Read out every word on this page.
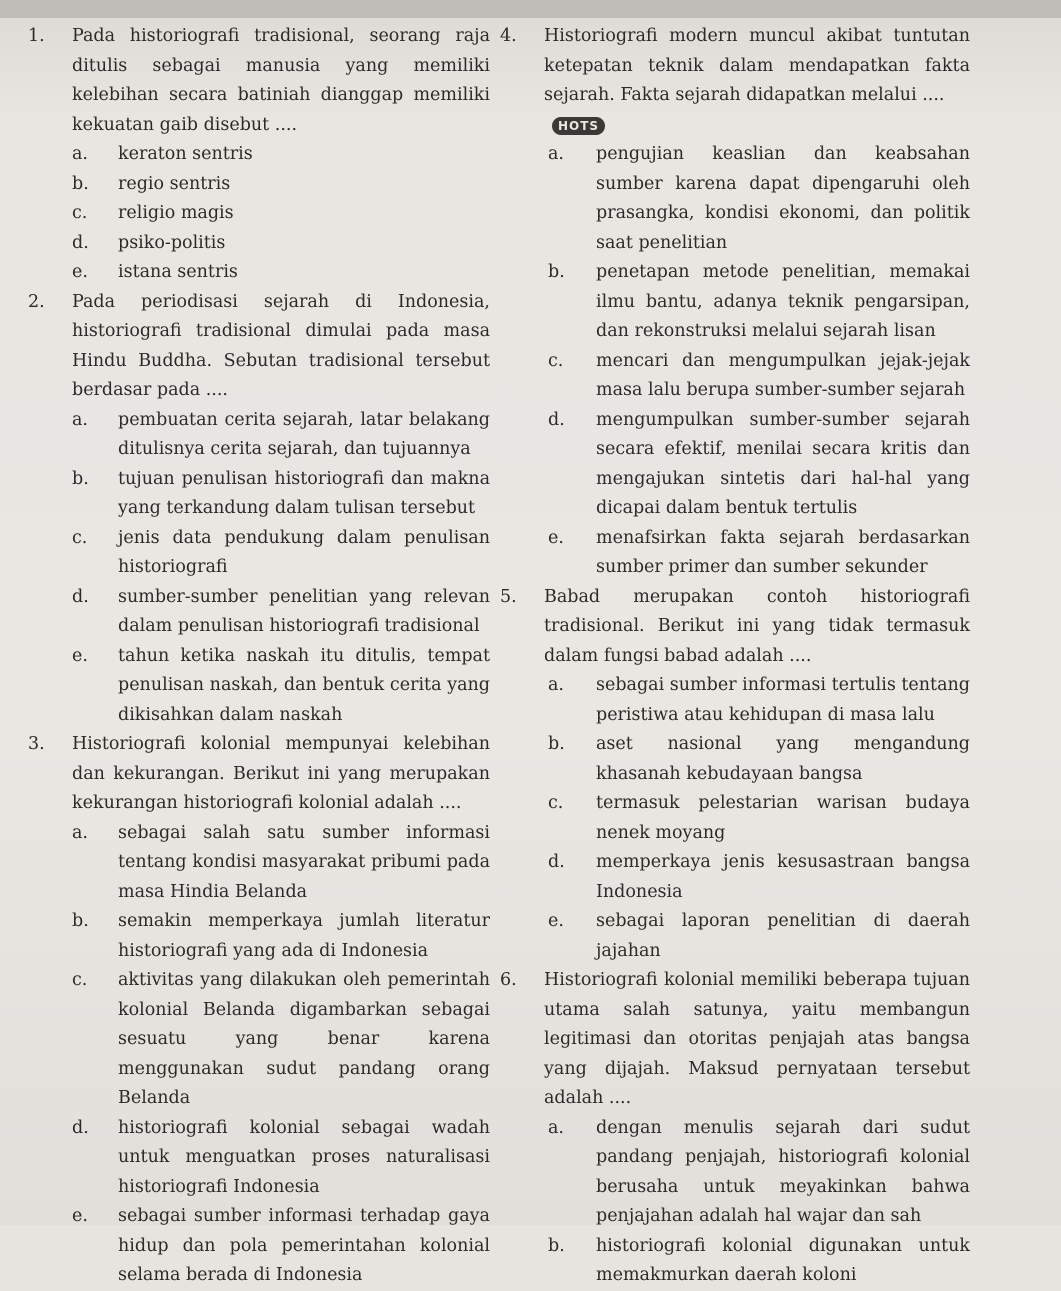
1.	Pada historiografi tradisional, seorang raja ditulis sebagai manusia yang memiliki kelebihan secara batiniah dianggap memiliki kekuatan gaib disebut ....
a.	keraton sentris
b.	regio sentris
c.	religio magis
d.	psiko-politis
e.	istana sentris
2.	Pada periodisasi sejarah di Indonesia, historiografi tradisional dimulai pada masa Hindu Buddha. Sebutan tradisional tersebut berdasar pada ....
a.	pembuatan cerita sejarah, latar belakang ditulisnya cerita sejarah, dan tujuannya
b.	tujuan penulisan historiografi dan makna yang terkandung dalam tulisan tersebut
c.	jenis data pendukung dalam penulisan historiografi
d.	sumber-sumber penelitian yang relevan dalam penulisan historiografi tradisional
e.	tahun ketika naskah itu ditulis, tempat penulisan naskah, dan bentuk cerita yang dikisahkan dalam naskah
3.	Historiografi kolonial mempunyai kelebihan dan kekurangan. Berikut ini yang merupakan kekurangan historiografi kolonial adalah ....
a.	sebagai salah satu sumber informasi tentang kondisi masyarakat pribumi pada masa Hindia Belanda
b.	semakin memperkaya jumlah literatur historiografi yang ada di Indonesia
c.	aktivitas yang dilakukan oleh pemerintah kolonial Belanda digambarkan sebagai sesuatu yang benar karena menggunakan sudut pandang orang Belanda
d.	historiografi kolonial sebagai wadah untuk menguatkan proses naturalisasi historiografi Indonesia
e.	sebagai sumber informasi terhadap gaya hidup dan pola pemerintahan kolonial selama berada di Indonesia
4.	Historiografi modern muncul akibat tuntutan ketepatan teknik dalam mendapatkan fakta sejarah. Fakta sejarah didapatkan melalui ....
HOTS
a.	pengujian keaslian dan keabsahan sumber karena dapat dipengaruhi oleh prasangka, kondisi ekonomi, dan politik saat penelitian
b.	penetapan metode penelitian, memakai ilmu bantu, adanya teknik pengarsipan, dan rekonstruksi melalui sejarah lisan
c.	mencari dan mengumpulkan jejak-jejak masa lalu berupa sumber-sumber sejarah
d.	mengumpulkan sumber-sumber sejarah secara efektif, menilai secara kritis dan mengajukan sintetis dari hal-hal yang dicapai dalam bentuk tertulis
e.	menafsirkan fakta sejarah berdasarkan sumber primer dan sumber sekunder
5.	Babad merupakan contoh historiografi tradisional. Berikut ini yang tidak termasuk dalam fungsi babad adalah ....
a.	sebagai sumber informasi tertulis tentang peristiwa atau kehidupan di masa lalu
b.	aset nasional yang mengandung khasanah kebudayaan bangsa
c.	termasuk pelestarian warisan budaya nenek moyang
d.	memperkaya jenis kesusastraan bangsa Indonesia
e.	sebagai laporan penelitian di daerah jajahan
6.	Historiografi kolonial memiliki beberapa tujuan utama salah satunya, yaitu membangun legitimasi dan otoritas penjajah atas bangsa yang dijajah. Maksud pernyataan tersebut adalah ....
a.	dengan menulis sejarah dari sudut pandang penjajah, historiografi kolonial berusaha untuk meyakinkan bahwa penjajahan adalah hal wajar dan sah
b.	historiografi kolonial digunakan untuk memakmurkan daerah koloni
